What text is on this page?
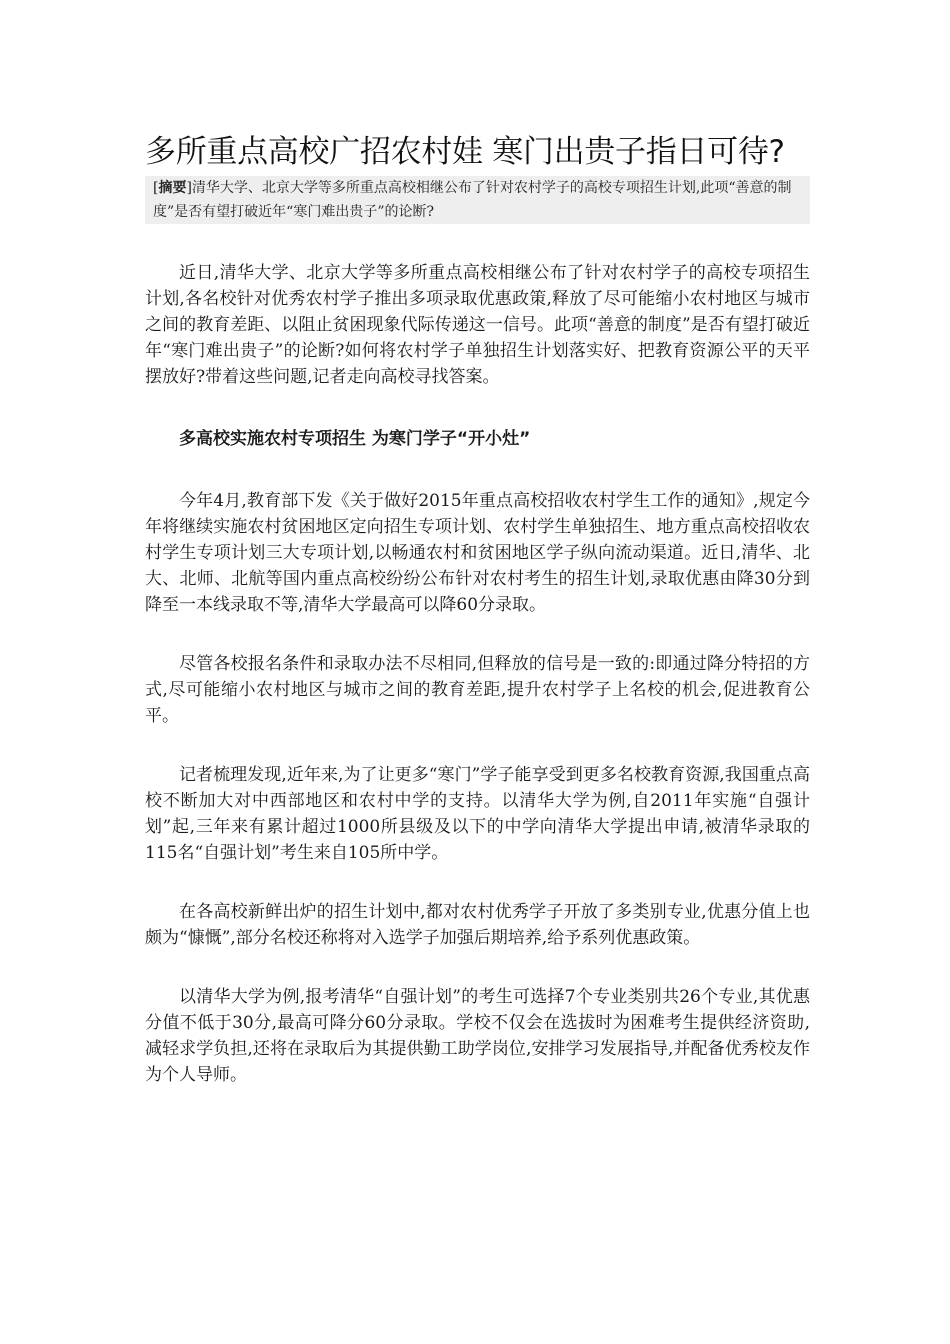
多所重点高校广招农村娃 寒门出贵子指日可待?
[摘要]清华大学、北京大学等多所重点高校相继公布了针对农村学子的高校专项招生计划,此项“善意的制度”是否有望打破近年“寒门难出贵子”的论断?

近日,清华大学、北京大学等多所重点高校相继公布了针对农村学子的高校专项招生计划,各名校针对优秀农村学子推出多项录取优惠政策,释放了尽可能缩小农村地区与城市之间的教育差距、以阻止贫困现象代际传递这一信号。此项“善意的制度”是否有望打破近年“寒门难出贵子”的论断?如何将农村学子单独招生计划落实好、把教育资源公平的天平摆放好?带着这些问题,记者走向高校寻找答案。

多高校实施农村专项招生 为寒门学子“开小灶”

今年4月,教育部下发《关于做好2015年重点高校招收农村学生工作的通知》,规定今年将继续实施农村贫困地区定向招生专项计划、农村学生单独招生、地方重点高校招收农村学生专项计划三大专项计划,以畅通农村和贫困地区学子纵向流动渠道。近日,清华、北大、北师、北航等国内重点高校纷纷公布针对农村考生的招生计划,录取优惠由降30分到降至一本线录取不等,清华大学最高可以降60分录取。

尽管各校报名条件和录取办法不尽相同,但释放的信号是一致的:即通过降分特招的方式,尽可能缩小农村地区与城市之间的教育差距,提升农村学子上名校的机会,促进教育公平。

记者梳理发现,近年来,为了让更多“寒门”学子能享受到更多名校教育资源,我国重点高校不断加大对中西部地区和农村中学的支持。以清华大学为例,自2011年实施“自强计划”起,三年来有累计超过1000所县级及以下的中学向清华大学提出申请,被清华录取的115名“自强计划”考生来自105所中学。

在各高校新鲜出炉的招生计划中,都对农村优秀学子开放了多类别专业,优惠分值上也颇为“慷慨”,部分名校还称将对入选学子加强后期培养,给予系列优惠政策。

以清华大学为例,报考清华“自强计划”的考生可选择7个专业类别共26个专业,其优惠分值不低于30分,最高可降分60分录取。学校不仅会在选拔时为困难考生提供经济资助,减轻求学负担,还将在录取后为其提供勤工助学岗位,安排学习发展指导,并配备优秀校友作为个人导师。
